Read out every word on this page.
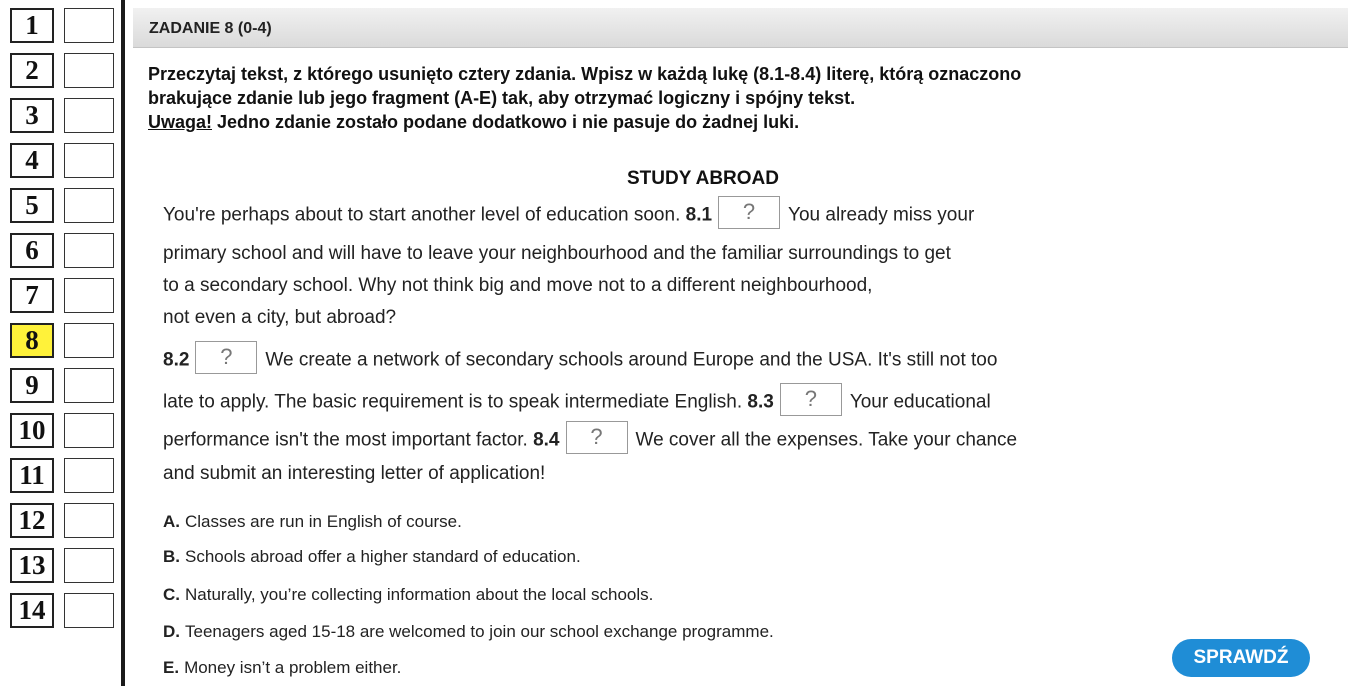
1
2
3
4
5
6
7
8
9
10
11
12
13
14
ZADANIE 8 (0-4)
Przeczytaj tekst, z którego usunięto cztery zdania. Wpisz w każdą lukę (8.1-8.4) literę, którą oznaczono
brakujące zdanie lub jego fragment (A-E) tak, aby otrzymać logiczny i spójny tekst.
Uwaga! Jedno zdanie zostało podane dodatkowo i nie pasuje do żadnej luki.
STUDY ABROAD
You're perhaps about to start another level of education soon. 8.1 ? You already miss your
primary school and will have to leave your neighbourhood and the familiar surroundings to get
to a secondary school. Why not think big and move not to a different neighbourhood,
not even a city, but abroad?
8.2 ? We create a network of secondary schools around Europe and the USA. It's still not too
late to apply. The basic requirement is to speak intermediate English. 8.3 ? Your educational
performance isn't the most important factor. 8.4 ? We cover all the expenses. Take your chance
and submit an interesting letter of application!
A. Classes are run in English of course.
B. Schools abroad offer a higher standard of education.
C. Naturally, you’re collecting information about the local schools.
D. Teenagers aged 15-18 are welcomed to join our school exchange programme.
E. Money isn’t a problem either.	SPRAWDŹ
